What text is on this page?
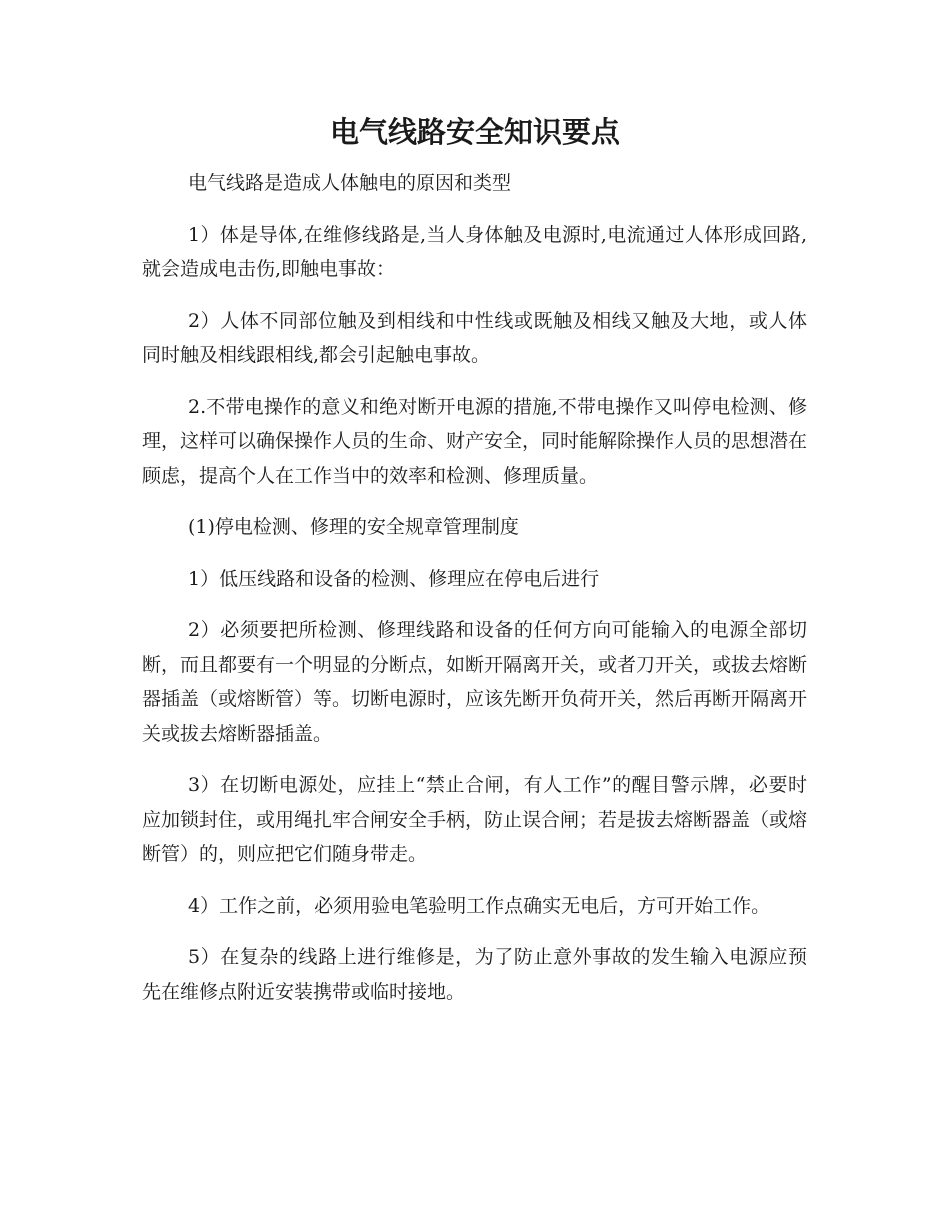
电气线路安全知识要点

电气线路是造成人体触电的原因和类型

1）体是导体,在维修线路是,当人身体触及电源时,电流通过人体形成回路,就会造成电击伤,即触电事故：

2）人体不同部位触及到相线和中性线或既触及相线又触及大地，或人体同时触及相线跟相线,都会引起触电事故。

2.不带电操作的意义和绝对断开电源的措施,不带电操作又叫停电检测、修理，这样可以确保操作人员的生命、财产安全，同时能解除操作人员的思想潜在顾虑，提高个人在工作当中的效率和检测、修理质量。

(1)停电检测、修理的安全规章管理制度

1）低压线路和设备的检测、修理应在停电后进行

2）必须要把所检测、修理线路和设备的任何方向可能输入的电源全部切断，而且都要有一个明显的分断点，如断开隔离开关，或者刀开关，或拔去熔断器插盖（或熔断管）等。切断电源时，应该先断开负荷开关，然后再断开隔离开关或拔去熔断器插盖。

3）在切断电源处，应挂上“禁止合闸，有人工作”的醒目警示牌，必要时应加锁封住，或用绳扎牢合闸安全手柄，防止误合闸；若是拔去熔断器盖（或熔断管）的，则应把它们随身带走。

4）工作之前，必须用验电笔验明工作点确实无电后，方可开始工作。

5）在复杂的线路上进行维修是，为了防止意外事故的发生输入电源应预先在维修点附近安装携带或临时接地。
